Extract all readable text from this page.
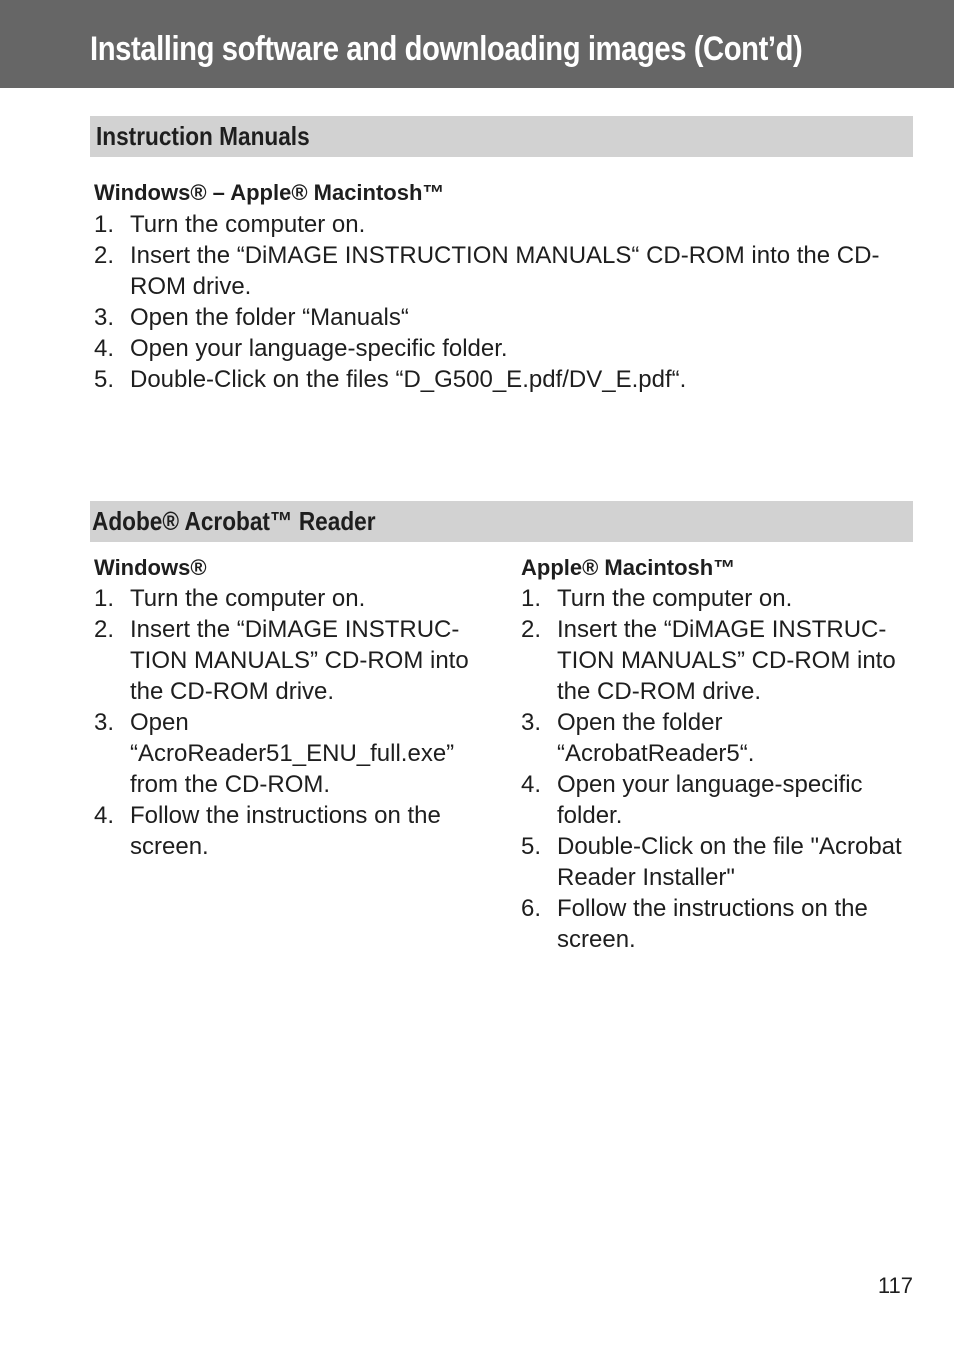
Installing software and downloading images (Cont’d)
Instruction Manuals
Windows® – Apple® Macintosh™
1. Turn the computer on.
2. Insert the “DiMAGE INSTRUCTION MANUALS“ CD-ROM into the CD-ROM drive.
3. Open the folder “Manuals“
4. Open your language-specific folder.
5. Double-Click on the files “D_G500_E.pdf/DV_E.pdf“.
Adobe® Acrobat™ Reader
Windows®
1. Turn the computer on.
2. Insert the “DiMAGE INSTRUC-TION MANUALS” CD-ROM into the CD-ROM drive.
3. Open “AcroReader51_ENU_full.exe” from the CD-ROM.
4. Follow the instructions on the screen.
Apple® Macintosh™
1. Turn the computer on.
2. Insert the “DiMAGE INSTRUC-TION MANUALS” CD-ROM into the CD-ROM drive.
3. Open the folder “AcrobatReader5“.
4. Open your language-specific folder.
5. Double-Click on the file "Acrobat Reader Installer"
6. Follow the instructions on the screen.
117
